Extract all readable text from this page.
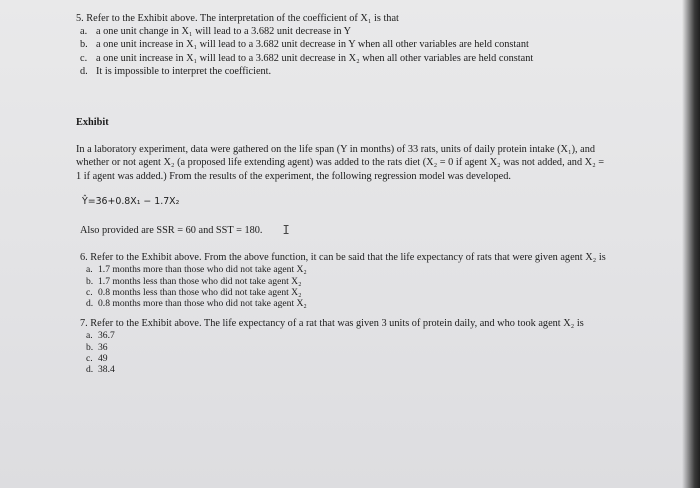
5. Refer to the Exhibit above. The interpretation of the coefficient of X₁ is that

a. a one unit change in X₁ will lead to a 3.682 unit decrease in Y
b. a one unit increase in X₁ will lead to a 3.682 unit decrease in Y when all other variables are held constant
c. a one unit increase in X₁ will lead to a 3.682 unit decrease in X₂ when all other variables are held constant
d. It is impossible to interpret the coefficient.

Exhibit

In a laboratory experiment, data were gathered on the life span (Y in months) of 33 rats, units of daily protein intake (X₁), and whether or not agent X₂ (a proposed life extending agent) was added to the rats diet (X₂ = 0 if agent X₂ was not added, and X₂ = 1 if agent was added.) From the results of the experiment, the following regression model was developed.

Ŷ=36+0.8X₁ − 1.7X₂

Also provided are SSR = 60 and SST = 180. I

6. Refer to the Exhibit above. From the above function, it can be said that the life expectancy of rats that were given agent X₂ is

a. 1.7 months more than those who did not take agent X₂
b. 1.7 months less than those who did not take agent X₂
c. 0.8 months less than those who did not take agent X₂
d. 0.8 months more than those who did not take agent X₂

7. Refer to the Exhibit above. The life expectancy of a rat that was given 3 units of protein daily, and who took agent X₂ is

a. 36.7
b. 36
c. 49
d. 38.4
